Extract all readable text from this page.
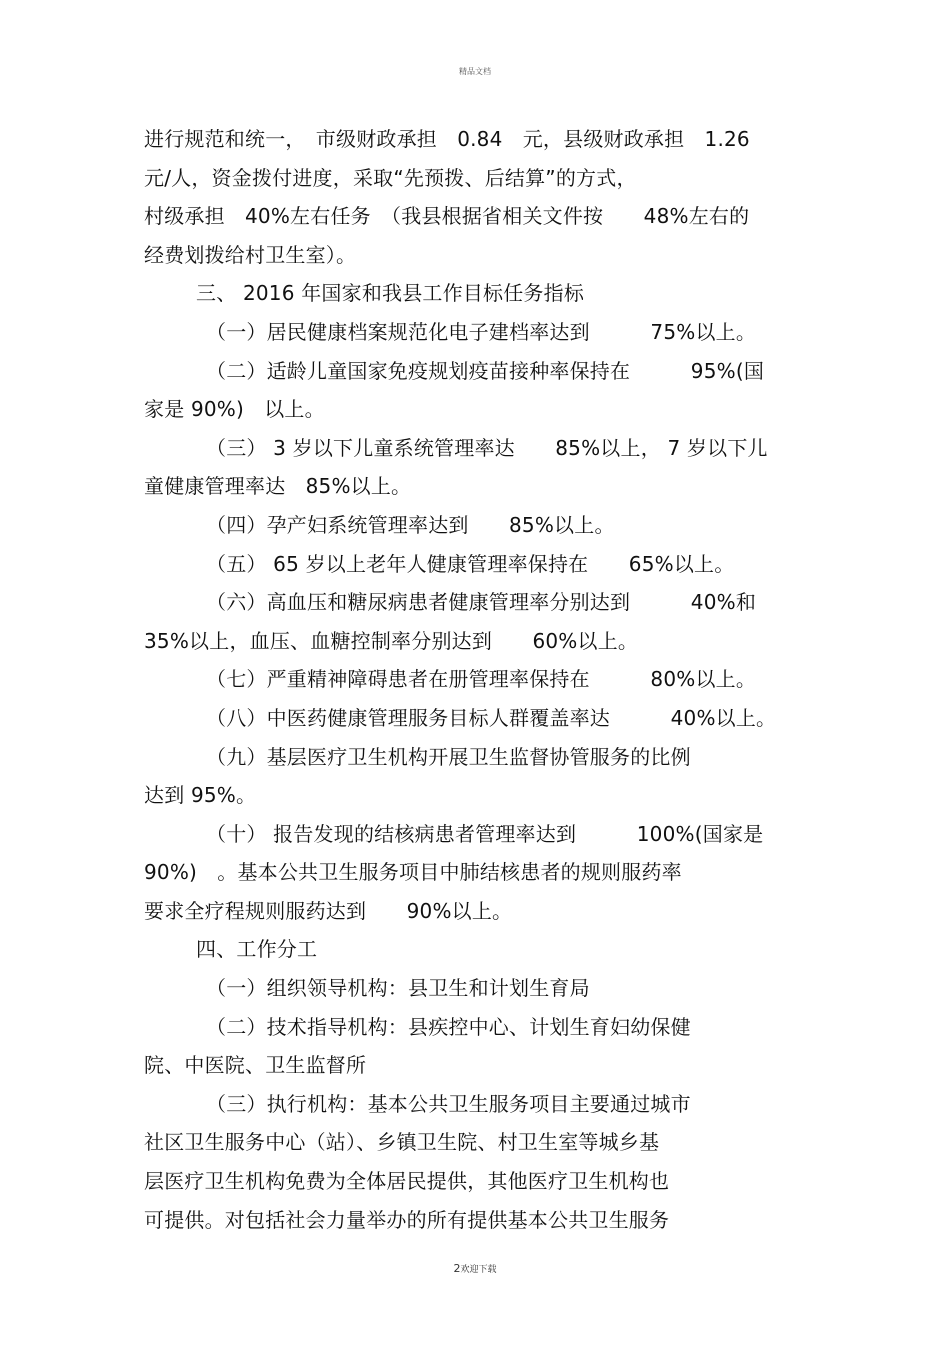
精品文档
进行规范和统一，　市级财政承担　0.84　元，县级财政承担　1.26
元/人，资金拨付进度，采取“先预拨、后结算”的方式，
村级承担　40%左右任务　（我县根据省相关文件按　　48%左右的
经费划拨给村卫生室）。
三、 2016 年国家和我县工作目标任务指标
（一）居民健康档案规范化电子建档率达到　　　75%以上。
（二）适龄儿童国家免疫规划疫苗接种率保持在　　　95%(国
家是 90%)　以上。
（三） 3 岁以下儿童系统管理率达　　85%以上， 7 岁以下儿
童健康管理率达　85%以上。
（四）孕产妇系统管理率达到　　85%以上。
（五） 65 岁以上老年人健康管理率保持在　　65%以上。
（六）高血压和糖尿病患者健康管理率分别达到　　　40%和
35%以上，血压、血糖控制率分别达到　　60%以上。
（七）严重精神障碍患者在册管理率保持在　　　80%以上。
（八）中医药健康管理服务目标人群覆盖率达　　　40%以上。
（九）基层医疗卫生机构开展卫生监督协管服务的比例
达到 95%。
（十） 报告发现的结核病患者管理率达到　　　100%(国家是
90%)　。基本公共卫生服务项目中肺结核患者的规则服药率
要求全疗程规则服药达到　　90%以上。
四、工作分工
（一）组织领导机构：县卫生和计划生育局
（二）技术指导机构：县疾控中心、计划生育妇幼保健
院、中医院、卫生监督所
（三）执行机构：基本公共卫生服务项目主要通过城市
社区卫生服务中心（站）、乡镇卫生院、村卫生室等城乡基
层医疗卫生机构免费为全体居民提供，其他医疗卫生机构也
可提供。对包括社会力量举办的所有提供基本公共卫生服务
2欢迎下载
